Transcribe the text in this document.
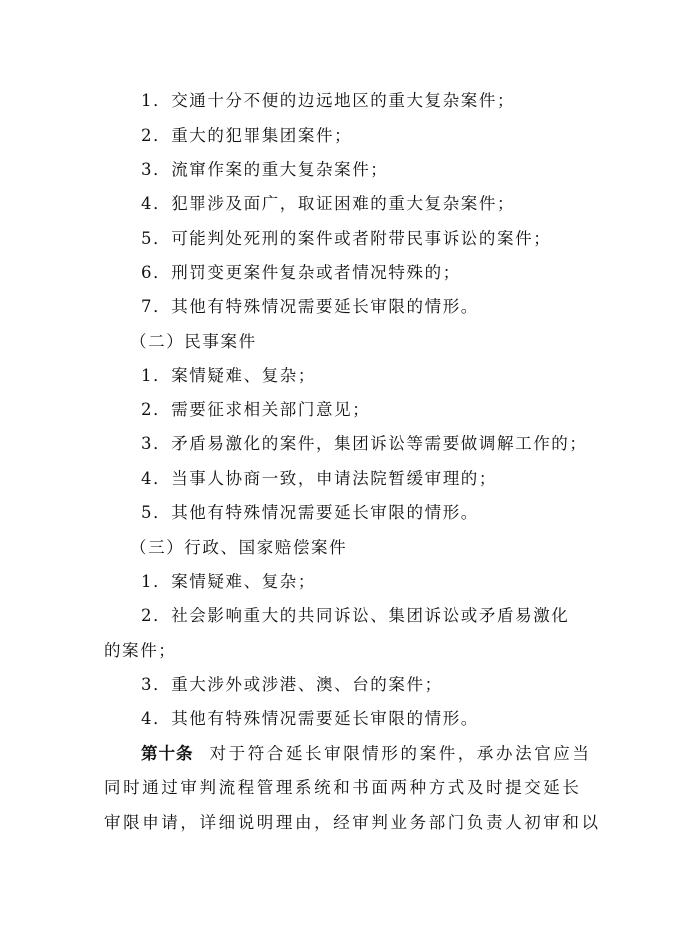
1．交通十分不便的边远地区的重大复杂案件；
2．重大的犯罪集团案件；
3．流窜作案的重大复杂案件；
4．犯罪涉及面广，取证困难的重大复杂案件；
5．可能判处死刑的案件或者附带民事诉讼的案件；
6．刑罚变更案件复杂或者情况特殊的；
7．其他有特殊情况需要延长审限的情形。
（二）民事案件
1．案情疑难、复杂；
2．需要征求相关部门意见；
3．矛盾易激化的案件，集团诉讼等需要做调解工作的；
4．当事人协商一致，申请法院暂缓审理的；
5．其他有特殊情况需要延长审限的情形。
（三）行政、国家赔偿案件
1．案情疑难、复杂；
2．社会影响重大的共同诉讼、集团诉讼或矛盾易激化
的案件；
3．重大涉外或涉港、澳、台的案件；
4．其他有特殊情况需要延长审限的情形。
第十条 对于符合延长审限情形的案件，承办法官应当
同时通过审判流程管理系统和书面两种方式及时提交延长
审限申请，详细说明理由，经审判业务部门负责人初审和以
